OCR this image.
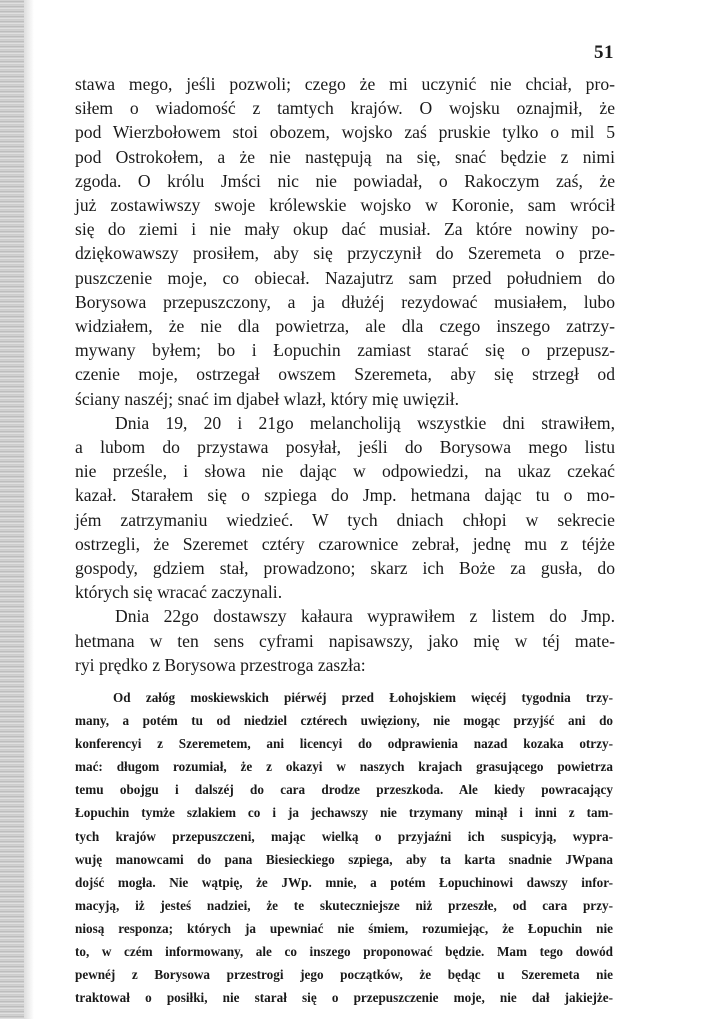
51

stawa mego, jeśli pozwoli; czego że mi uczynić nie chciał, pro-
siłem o wiadomość z tamtych krajów. O wojsku oznajmił, że
pod Wierzbołowem stoi obozem, wojsko zaś pruskie tylko o mil 5
pod Ostrokołem, a że nie następują na się, snać będzie z nimi
zgoda. O królu Jmści nic nie powiadał, o Rakoczym zaś, że
już zostawiwszy swoje królewskie wojsko w Koronie, sam wrócił
się do ziemi i nie mały okup dać musiał. Za które nowiny po-
dziękowawszy prosiłem, aby się przyczynił do Szeremeta o prze-
puszczenie moje, co obiecał. Nazajutrz sam przed południem do
Borysowa przepuszczony, a ja dłużéj rezydować musiałem, lubo
widziałem, że nie dla powietrza, ale dla czego inszego zatrzy-
mywany byłem; bo i Łopuchin zamiast starać się o przepusz-
czenie moje, ostrzegał owszem Szeremeta, aby się strzegł od
ściany naszéj; snać im djabeł wlazł, który mię uwięził.

Dnia 19, 20 i 21go melancholiją wszystkie dni strawiłem,
a lubom do przystawa posyłał, jeśli do Borysowa mego listu
nie prześle, i słowa nie dając w odpowiedzi, na ukaz czekać
kazał. Starałem się o szpiega do Jmp. hetmana dając tu o mo-
jém zatrzymaniu wiedzieć. W tych dniach chłopi w sekrecie
ostrzegli, że Szeremet cztéry czarownice zebrał, jednę mu z téjże
gospody, gdziem stał, prowadzono; skarz ich Boże za gusła, do
których się wracać zaczynali.

Dnia 22go dostawszy kałaura wyprawiłem z listem do Jmp.
hetmana w ten sens cyframi napisawszy, jako mię w téj mate-
ryi prędko z Borysowa przestroga zaszła:

Od załóg moskiewskich piérwéj przed Łohojskiem więcéj tygodnia trzy-
many, a potém tu od niedziel cztérech uwięziony, nie mogąc przyjść ani do
konferencyi z Szeremetem, ani licencyi do odprawienia nazad kozaka otrzy-
mać: długom rozumiał, że z okazyi w naszych krajach grasującego powietrza
temu obojgu i dalszéj do cara drodze przeszkoda. Ale kiedy powracający
Łopuchin tymże szlakiem co i ja jechawszy nie trzymany minął i inni z tam-
tych krajów przepuszczeni, mając wielką o przyjaźni ich suspicyją, wypra-
wuję manowcami do pana Biesieckiego szpiega, aby ta karta snadnie JWpana
dojść mogła. Nie wątpię, że JWp. mnie, a potém Łopuchinowi dawszy infor-
macyją, iż jesteś nadziei, że te skuteczniejsze niż przeszłe, od cara przy-
niosą responza; których ja upewniać nie śmiem, rozumiejąc, że Łopuchin nie
to, w czém informowany, ale co inszego proponować będzie. Mam tego dowód
pewnéj z Borysowa przestrogi jego początków, że będąc u Szeremeta nie
traktował o posiłki, nie starał się o przepuszczenie moje, nie dał jakiejże-
